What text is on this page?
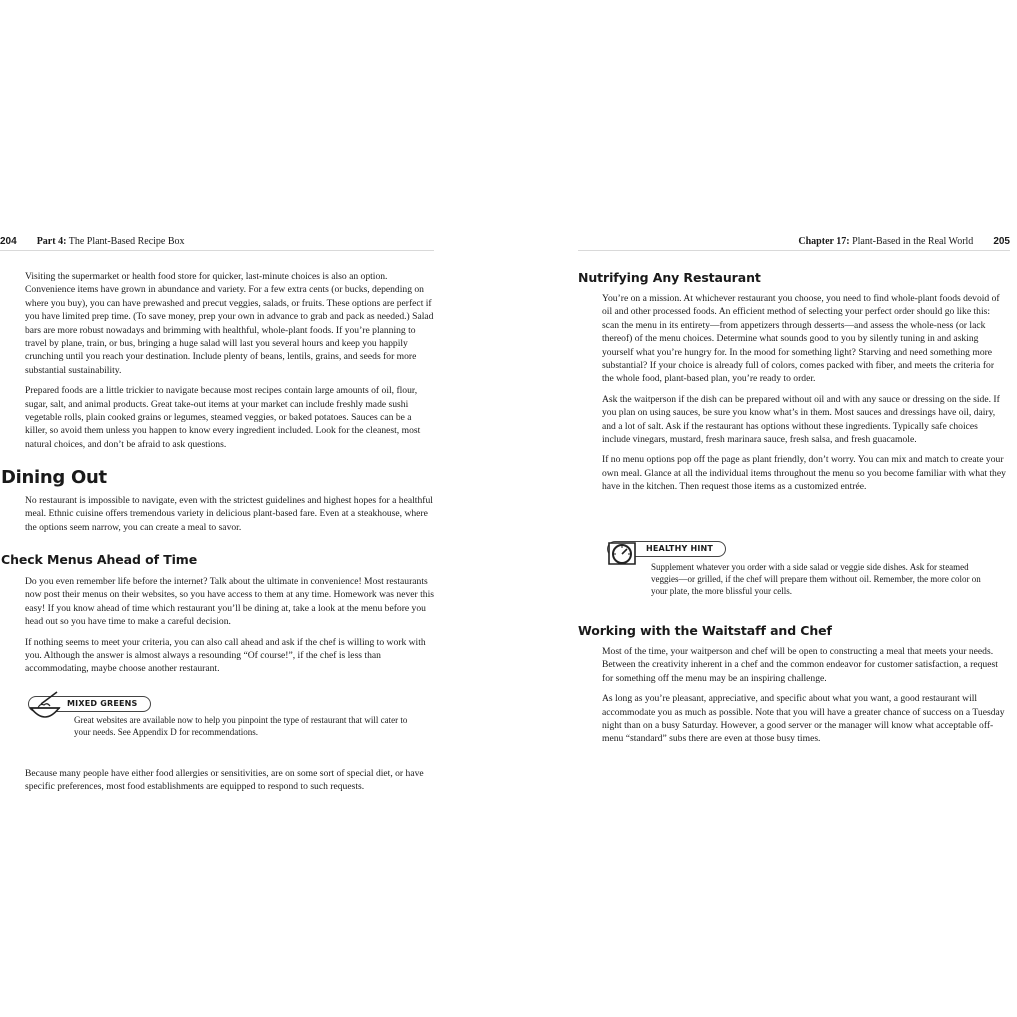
204 Part 4: The Plant-Based Recipe Box

Visiting the supermarket or health food store for quicker, last-minute choices is also an option. Convenience items have grown in abundance and variety. For a few extra cents (or bucks, depending on where you buy), you can have prewashed and precut veggies, salads, or fruits. These options are perfect if you have limited prep time. (To save money, prep your own in advance to grab and pack as needed.) Salad bars are more robust nowadays and brimming with healthful, whole-plant foods. If you’re planning to travel by plane, train, or bus, bringing a huge salad will last you several hours and keep you happily crunching until you reach your destination. Include plenty of beans, lentils, grains, and seeds for more substantial sustainability.

Prepared foods are a little trickier to navigate because most recipes contain large amounts of oil, flour, sugar, salt, and animal products. Great take-out items at your market can include freshly made sushi vegetable rolls, plain cooked grains or legumes, steamed veggies, or baked potatoes. Sauces can be a killer, so avoid them unless you happen to know every ingredient included. Look for the cleanest, most natural choices, and don’t be afraid to ask questions.

Dining Out

No restaurant is impossible to navigate, even with the strictest guidelines and highest hopes for a healthful meal. Ethnic cuisine offers tremendous variety in delicious plant-based fare. Even at a steakhouse, where the options seem narrow, you can create a meal to savor.

Check Menus Ahead of Time

Do you even remember life before the internet? Talk about the ultimate in convenience! Most restaurants now post their menus on their websites, so you have access to them at any time. Homework was never this easy! If you know ahead of time which restaurant you’ll be dining at, take a look at the menu before you head out so you have time to make a careful decision.

If nothing seems to meet your criteria, you can also call ahead and ask if the chef is willing to work with you. Although the answer is almost always a resounding “Of course!”, if the chef is less than accommodating, maybe choose another restaurant.

MIXED GREENS
Great websites are available now to help you pinpoint the type of restaurant that will cater to your needs. See Appendix D for recommendations.

Because many people have either food allergies or sensitivities, are on some sort of special diet, or have specific preferences, most food establishments are equipped to respond to such requests.

Chapter 17: Plant-Based in the Real World 205
Nutrifying Any Restaurant

You’re on a mission. At whichever restaurant you choose, you need to find whole-plant foods devoid of oil and other processed foods. An efficient method of selecting your perfect order should go like this: scan the menu in its entirety—from appetizers through desserts—and assess the whole-ness (or lack thereof) of the menu choices. Determine what sounds good to you by silently tuning in and asking yourself what you’re hungry for. In the mood for something light? Starving and need something more substantial? If your choice is already full of colors, comes packed with fiber, and meets the criteria for the whole food, plant-based plan, you’re ready to order.

Ask the waitperson if the dish can be prepared without oil and with any sauce or dressing on the side. If you plan on using sauces, be sure you know what’s in them. Most sauces and dressings have oil, dairy, and a lot of salt. Ask if the restaurant has options without these ingredients. Typically safe choices include vinegars, mustard, fresh marinara sauce, fresh salsa, and fresh guacamole.

If no menu options pop off the page as plant friendly, don’t worry. You can mix and match to create your own meal. Glance at all the individual items throughout the menu so you become familiar with what they have in the kitchen. Then request those items as a customized entrée.

HEALTHY HINT
Supplement whatever you order with a side salad or veggie side dishes. Ask for steamed veggies—or grilled, if the chef will prepare them without oil. Remember, the more color on your plate, the more blissful your cells.
Working with the Waitstaff and Chef

Most of the time, your waitperson and chef will be open to constructing a meal that meets your needs. Between the creativity inherent in a chef and the common endeavor for customer satisfaction, a request for something off the menu may be an inspiring challenge.

As long as you’re pleasant, appreciative, and specific about what you want, a good restaurant will accommodate you as much as possible. Note that you will have a greater chance of success on a Tuesday night than on a busy Saturday. However, a good server or the manager will know what acceptable off-menu “standard” subs there are even at those busy times.
